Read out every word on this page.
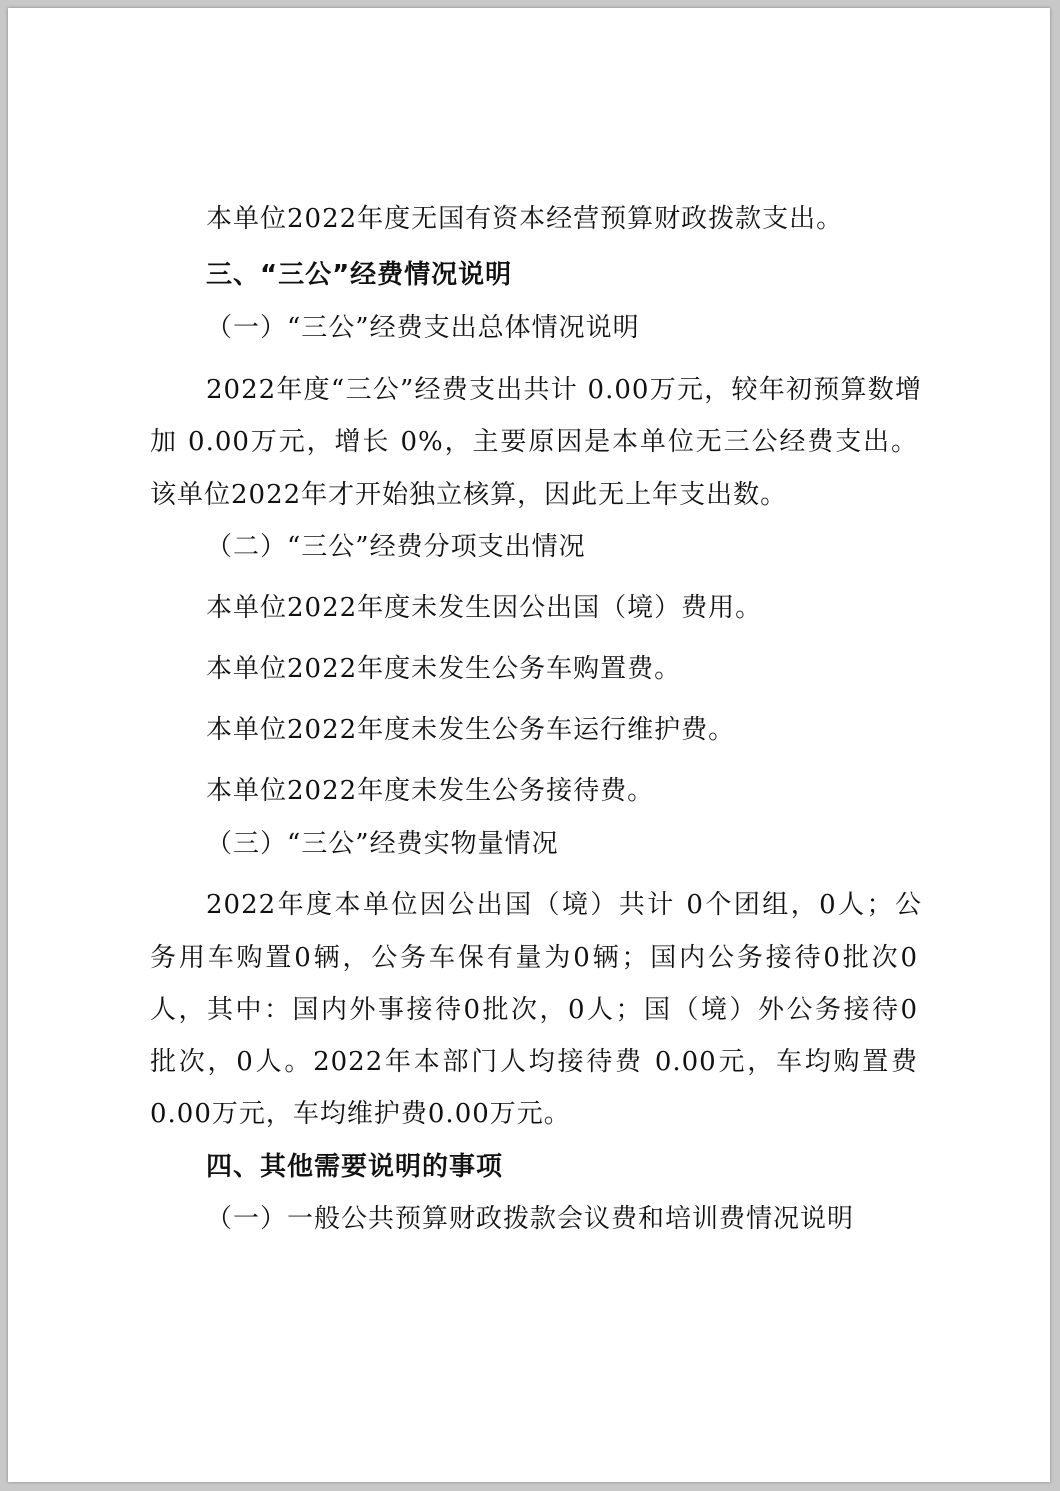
本单位2022年度无国有资本经营预算财政拨款支出。
三、“三公”经费情况说明
（一）“三公”经费支出总体情况说明
2022年度“三公”经费支出共计 0.00万元，较年初预算数增
加 0.00万元，增长 0%，主要原因是本单位无三公经费支出。
该单位2022年才开始独立核算，因此无上年支出数。
（二）“三公”经费分项支出情况
本单位2022年度未发生因公出国（境）费用。
本单位2022年度未发生公务车购置费。
本单位2022年度未发生公务车运行维护费。
本单位2022年度未发生公务接待费。
（三）“三公”经费实物量情况
2022年度本单位因公出国（境）共计 0个团组，0人；公
务用车购置0辆，公务车保有量为0辆；国内公务接待0批次0
人，其中：国内外事接待0批次，0人；国（境）外公务接待0
批次，0人。2022年本部门人均接待费 0.00元，车均购置费
0.00万元，车均维护费0.00万元。
四、其他需要说明的事项
（一）一般公共预算财政拨款会议费和培训费情况说明
